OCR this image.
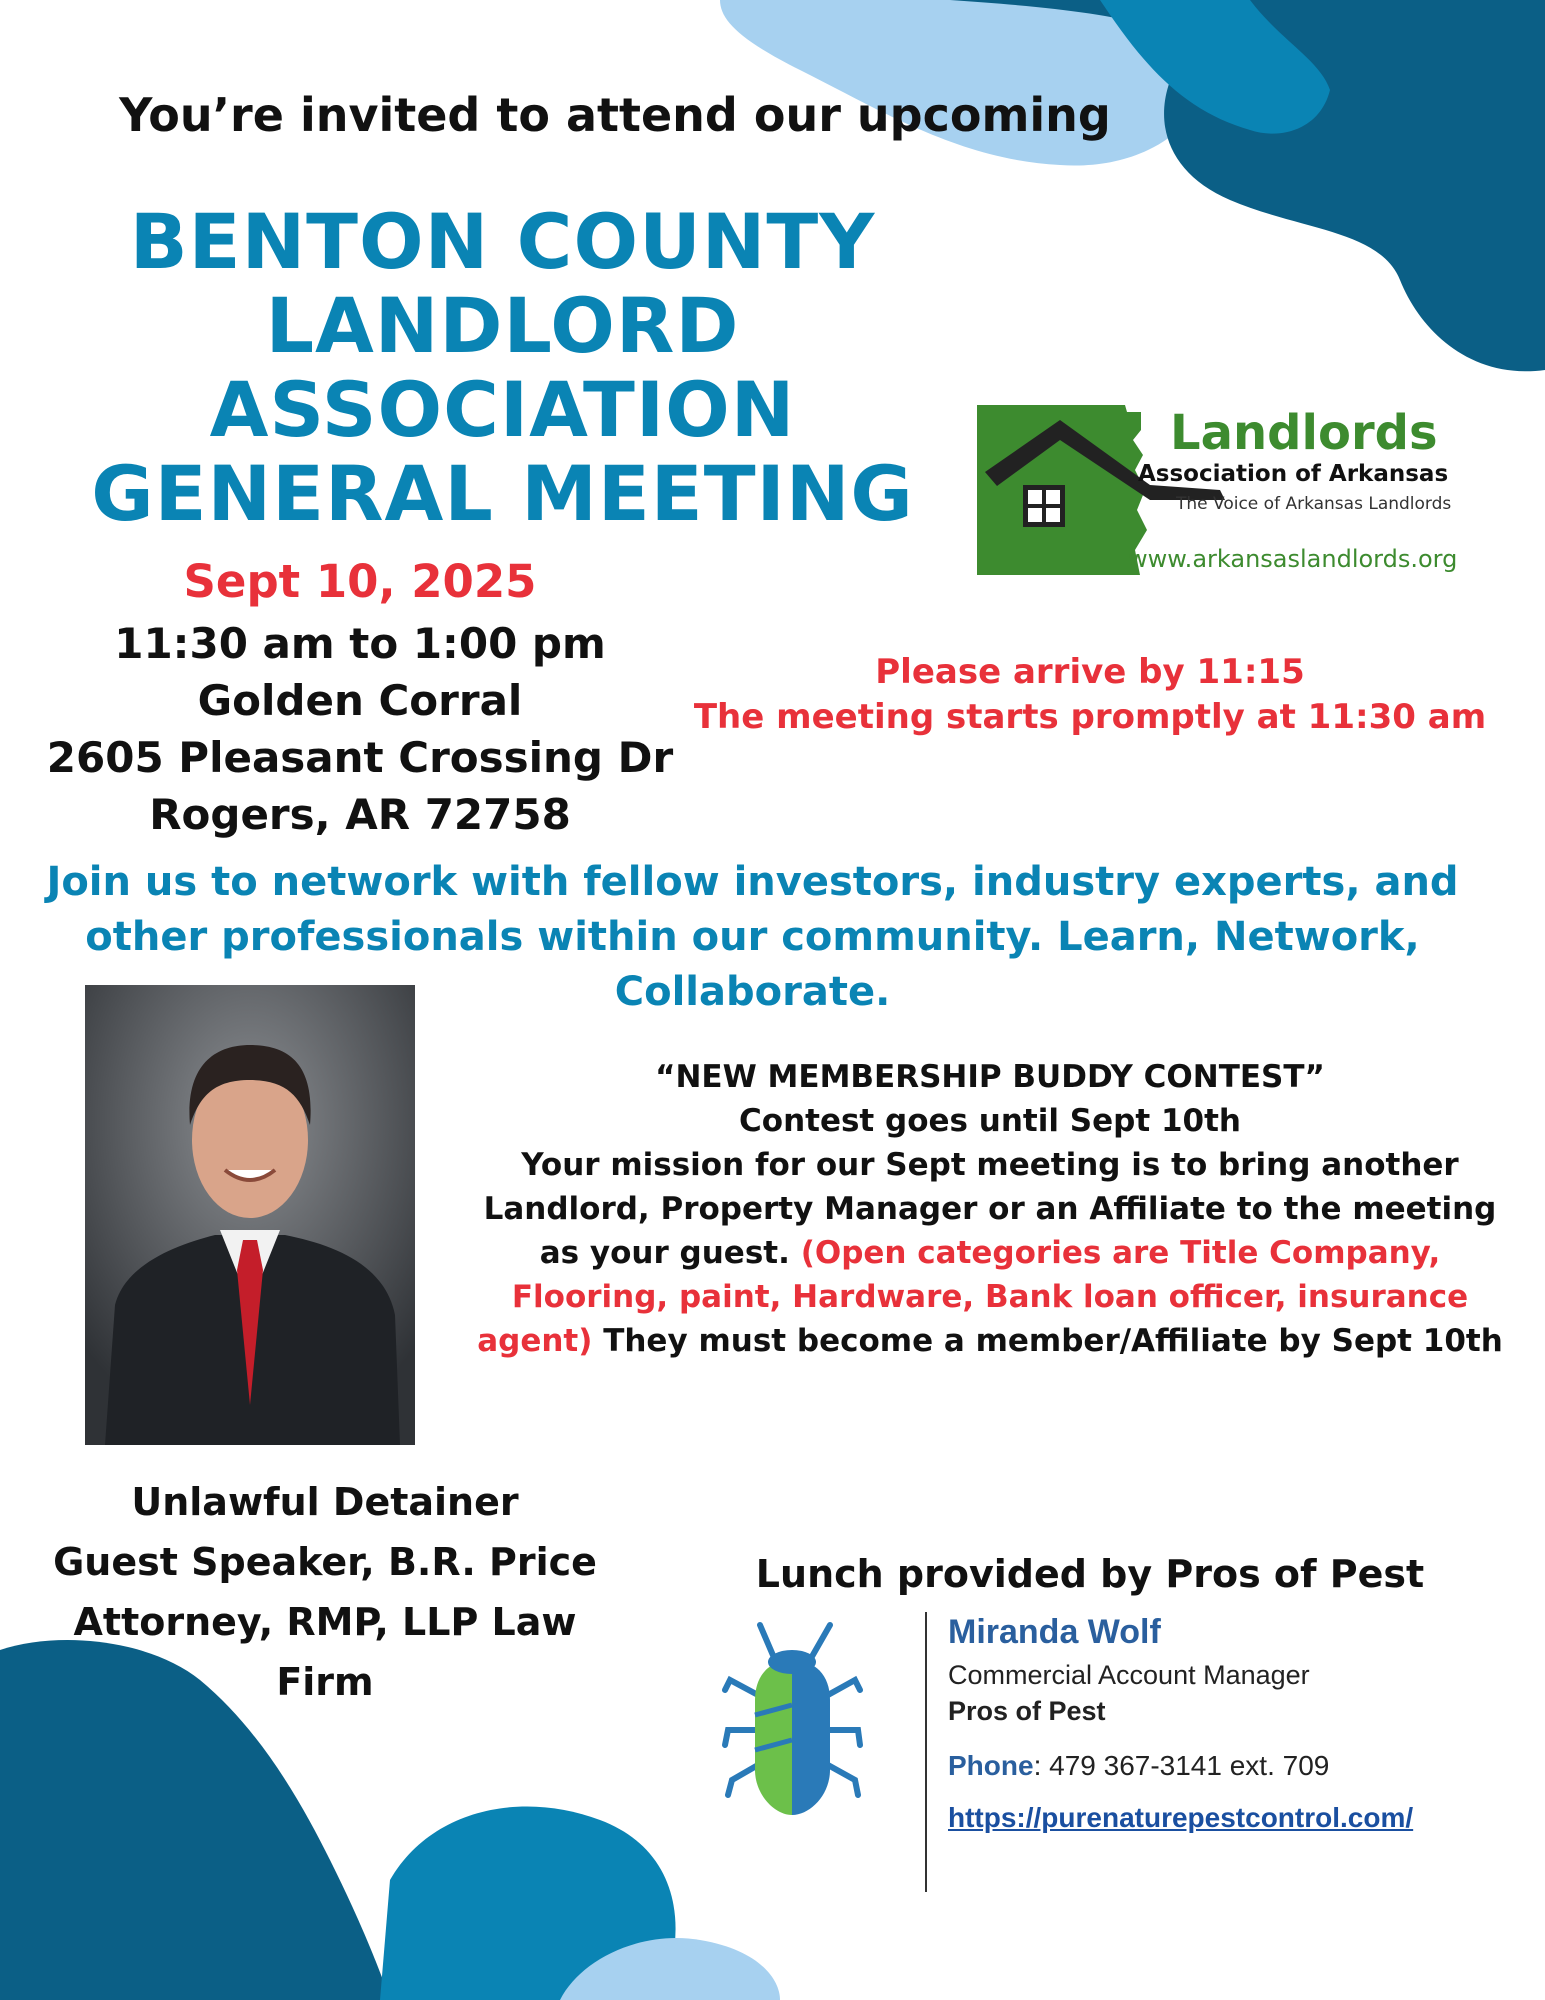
You’re invited to attend our upcoming
BENTON COUNTY
LANDLORD
ASSOCIATION
GENERAL MEETING
Sept 10, 2025
11:30 am to 1:00 pm
Golden Corral
2605 Pleasant Crossing Dr
Rogers, AR 72758
Please arrive by 11:15
The meeting starts promptly at 11:30 am
Landlords
Association of Arkansas
The Voice of Arkansas Landlords
www.arkansaslandlords.org
Join us to network with fellow investors, industry experts, and other professionals within our community. Learn, Network, Collaborate.
“NEW MEMBERSHIP BUDDY CONTEST”
Contest goes until Sept 10th
Your mission for our Sept meeting is to bring another Landlord, Property Manager or an Affiliate to the meeting as your guest. (Open categories are Title Company, Flooring, paint, Hardware, Bank loan officer, insurance agent) They must become a member/Affiliate by Sept 10th
Unlawful Detainer
Guest Speaker, B.R. Price
Attorney, RMP, LLP Law
Firm
Lunch provided by Pros of Pest
Miranda Wolf
Commercial Account Manager
Pros of Pest
Phone: 479 367-3141 ext. 709
https://purenaturepestcontrol.com/
